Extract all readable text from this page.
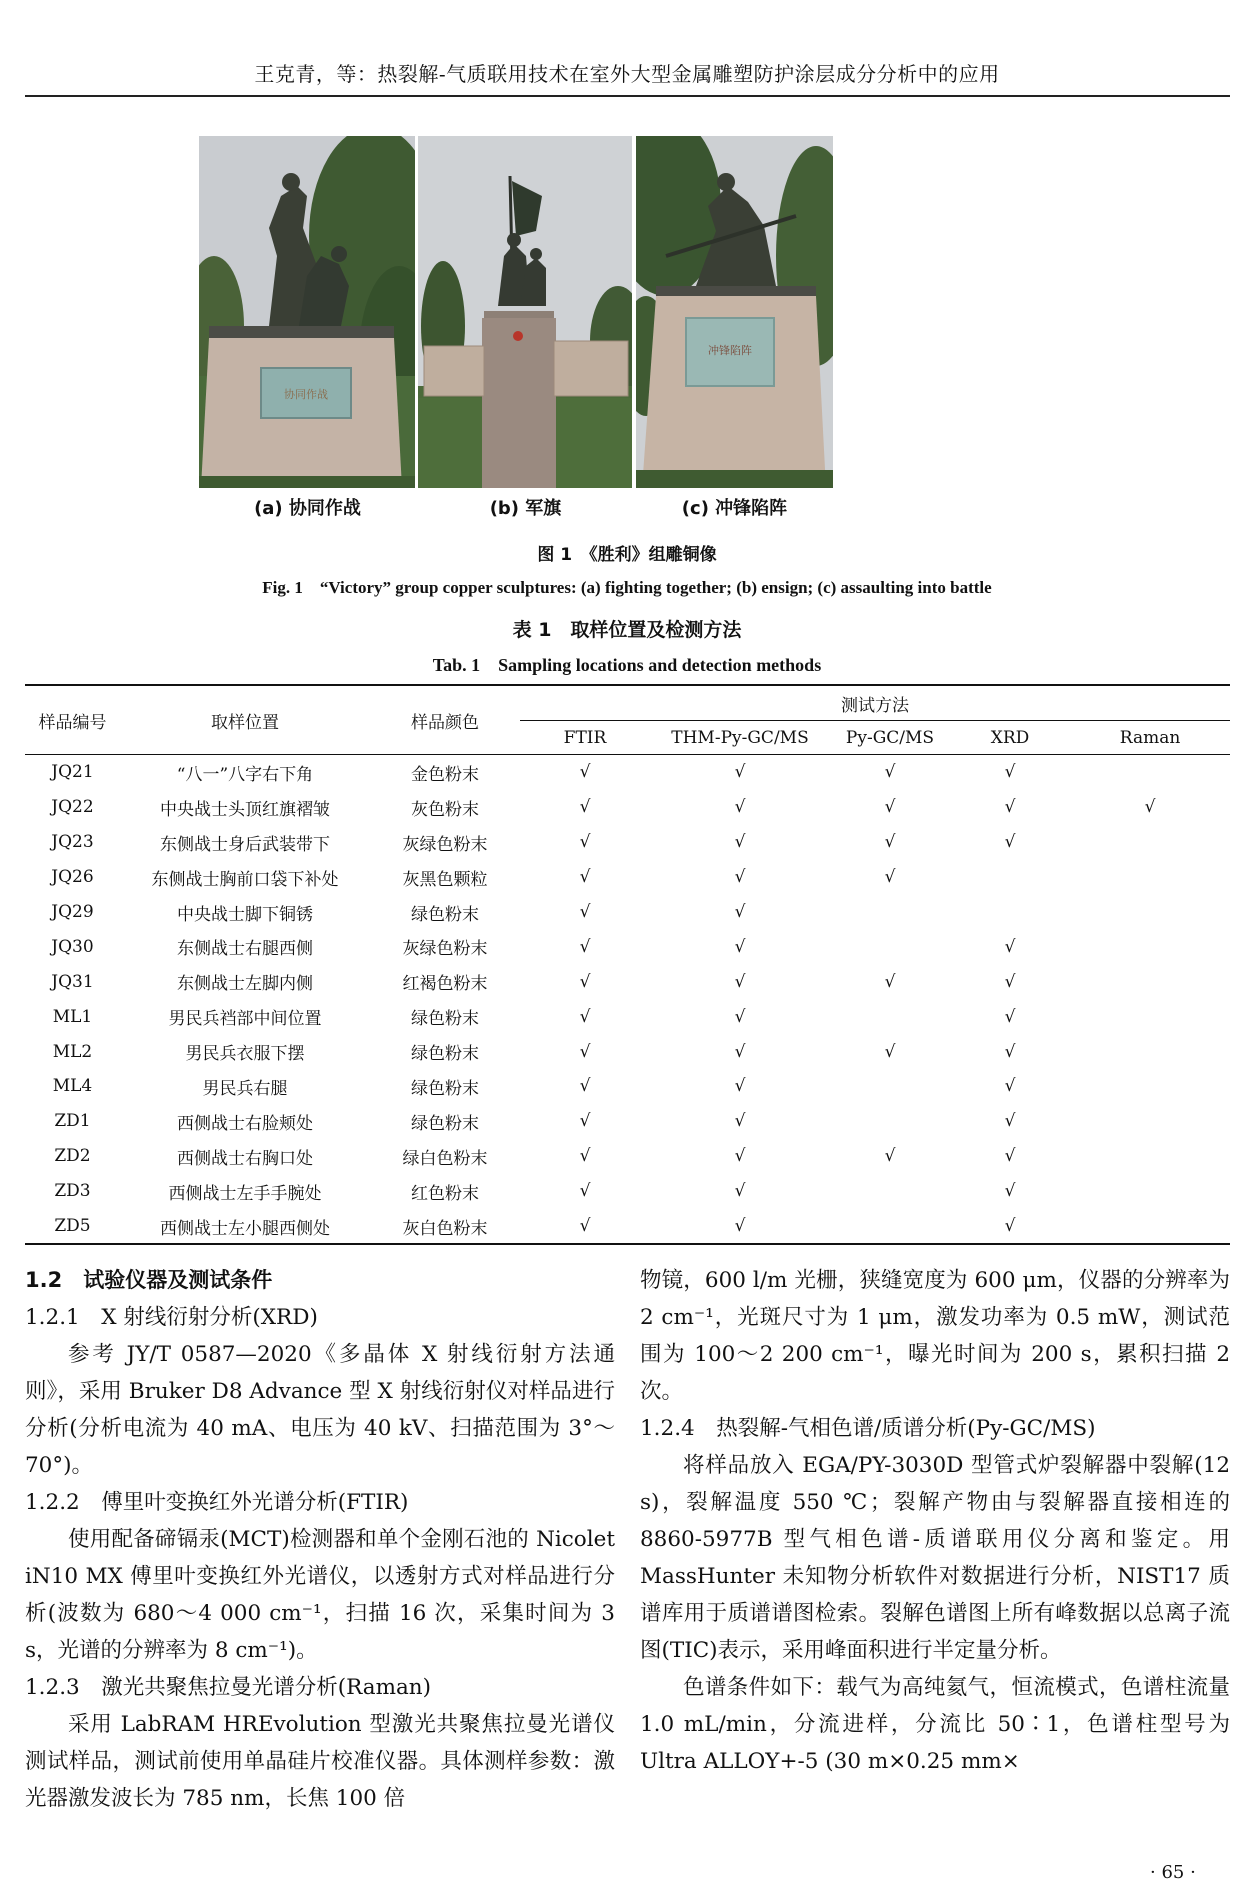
王克青，等：热裂解-气质联用技术在室外大型金属雕塑防护涂层成分分析中的应用
协同作战
冲锋陷阵
(a) 协同作战	(b) 军旗	(c) 冲锋陷阵
图 1　《胜利》组雕铜像
Fig. 1　“Victory” group copper sculptures: (a) fighting together; (b) ensign; (c) assaulting into battle
表 1　取样位置及检测方法
Tab. 1　Sampling locations and detection methods
样品编号	取样位置	样品颜色	测试方法				
			FTIR	THM-Py-GC/MS	Py-GC/MS	XRD	Raman
JQ21	“八一”八字右下角	金色粉末	√	√	√	√	
JQ22	中央战士头顶红旗褶皱	灰色粉末	√	√	√	√	√
JQ23	东侧战士身后武装带下	灰绿色粉末	√	√	√	√	
JQ26	东侧战士胸前口袋下补处	灰黑色颗粒	√	√	√		
JQ29	中央战士脚下铜锈	绿色粉末	√	√			
JQ30	东侧战士右腿西侧	灰绿色粉末	√	√		√	
JQ31	东侧战士左脚内侧	红褐色粉末	√	√	√	√	
ML1	男民兵裆部中间位置	绿色粉末	√	√		√	
ML2	男民兵衣服下摆	绿色粉末	√	√	√	√	
ML4	男民兵右腿	绿色粉末	√	√		√	
ZD1	西侧战士右脸颊处	绿色粉末	√	√		√	
ZD2	西侧战士右胸口处	绿白色粉末	√	√	√	√	
ZD3	西侧战士左手手腕处	红色粉末	√	√		√	
ZD5	西侧战士左小腿西侧处	灰白色粉末	√	√		√	

1.2　试验仪器及测试条件

1.2.1　X 射线衍射分析(XRD)

参考 JY/T 0587—2020《多晶体 X 射线衍射方法通则》，采用 Bruker D8 Advance 型 X 射线衍射仪对样品进行分析(分析电流为 40 mA、电压为 40 kV、扫描范围为 3°～70°)。

1.2.2　傅里叶变换红外光谱分析(FTIR)

使用配备碲镉汞(MCT)检测器和单个金刚石池的 Nicolet iN10 MX 傅里叶变换红外光谱仪，以透射方式对样品进行分析(波数为 680～4 000 cm⁻¹，扫描 16 次，采集时间为 3 s，光谱的分辨率为 8 cm⁻¹)。

1.2.3　激光共聚焦拉曼光谱分析(Raman)

采用 LabRAM HREvolution 型激光共聚焦拉曼光谱仪测试样品，测试前使用单晶硅片校准仪器。具体测样参数：激光器激发波长为 785 nm，长焦 100 倍

物镜，600 l/m 光栅，狭缝宽度为 600 μm，仪器的分辨率为 2 cm⁻¹，光斑尺寸为 1 μm，激发功率为 0.5 mW，测试范围为 100～2 200 cm⁻¹，曝光时间为 200 s，累积扫描 2 次。

1.2.4　热裂解-气相色谱/质谱分析(Py-GC/MS)

将样品放入 EGA/PY-3030D 型管式炉裂解器中裂解(12 s)，裂解温度 550 ℃；裂解产物由与裂解器直接相连的 8860-5977B 型气相色谱-质谱联用仪分离和鉴定。用 MassHunter 未知物分析软件对数据进行分析，NIST17 质谱库用于质谱谱图检索。裂解色谱图上所有峰数据以总离子流图(TIC)表示，采用峰面积进行半定量分析。

色谱条件如下：载气为高纯氦气，恒流模式，色谱柱流量 1.0 mL/min，分流进样，分流比 50∶1，色谱柱型号为 Ultra ALLOY+-5 (30 m×0.25 mm×

· 65 ·
